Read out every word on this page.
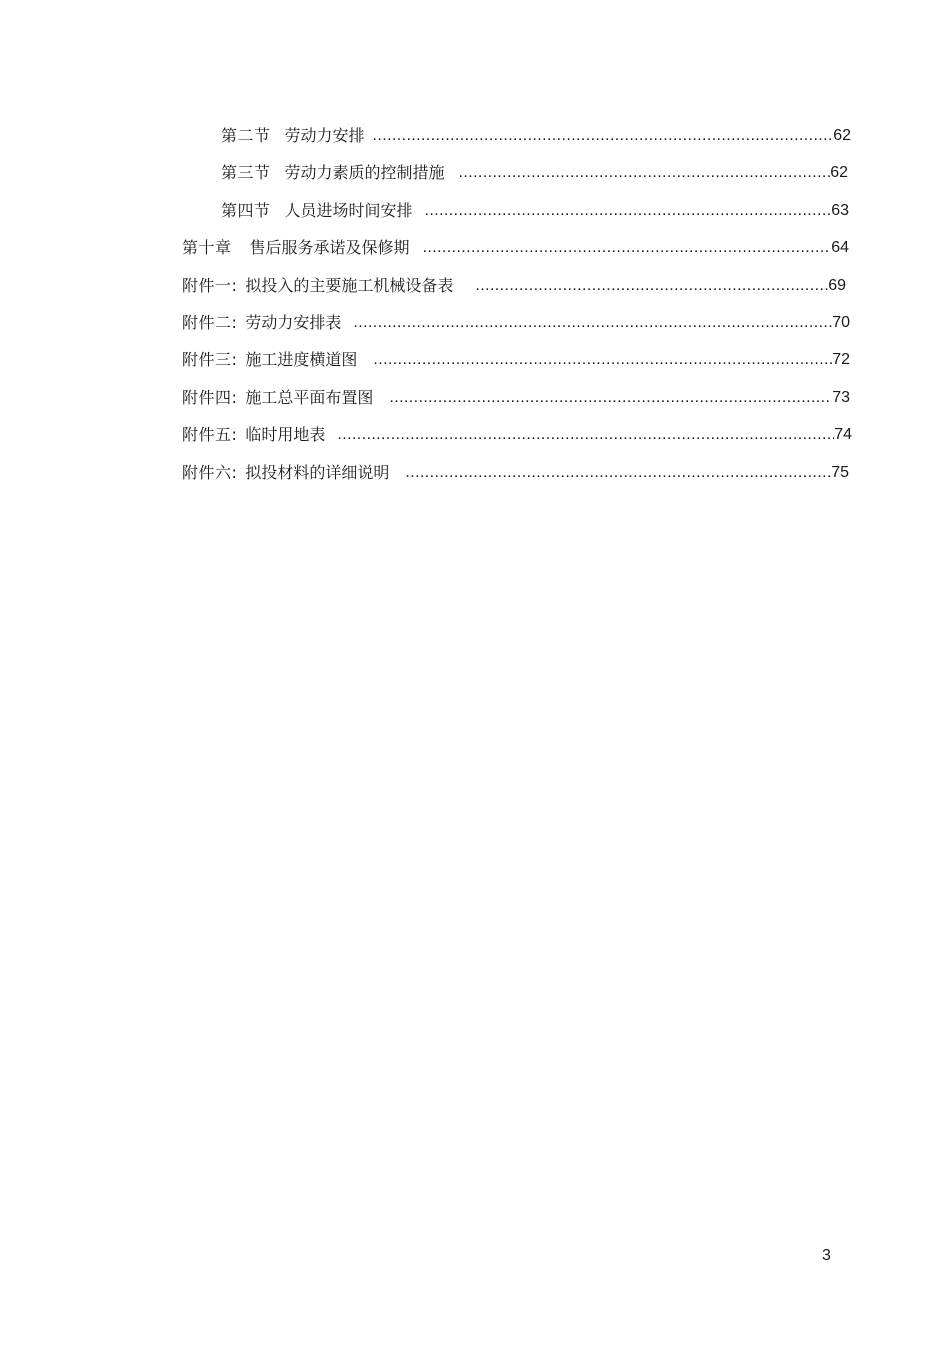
第二节 劳动力安排 .....	62
第三节 劳动力素质的控制措施 .....	62
第四节 人员进场时间安排 .....	63
第十章 售后服务承诺及保修期 .....	64
附件一: 拟投入的主要施工机械设备表 .....	69
附件二: 劳动力安排表 .....	70
附件三: 施工进度横道图 .....	72
附件四: 施工总平面布置图 .....	73
附件五: 临时用地表 .....	74
附件六: 拟投材料的详细说明 .....	75
3
